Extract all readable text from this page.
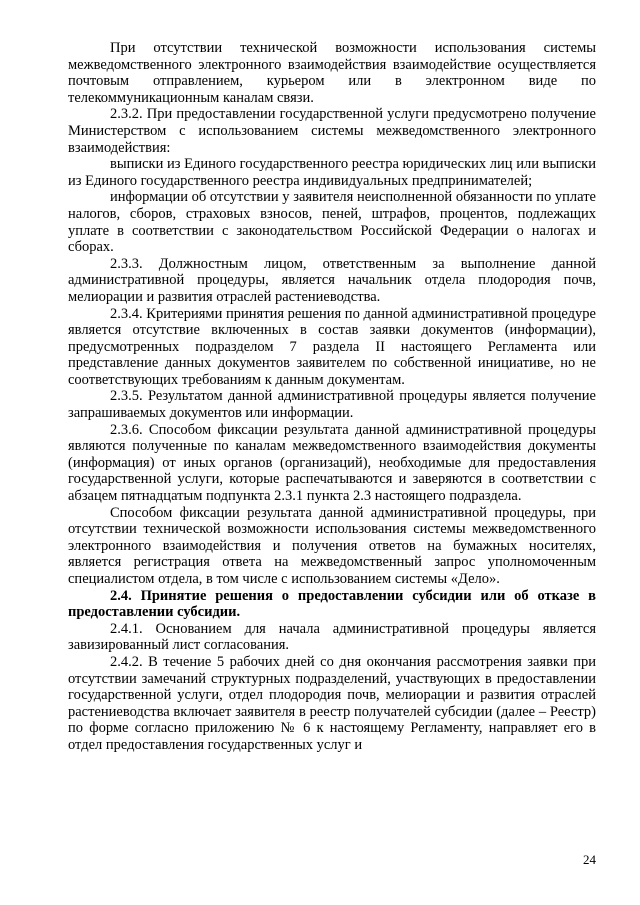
При отсутствии технической возможности использования системы межведомственного электронного взаимодействия взаимодействие осуществляется почтовым отправлением, курьером или в электронном виде по телекоммуникационным каналам связи.

2.3.2. При предоставлении государственной услуги предусмотрено получение Министерством с использованием системы межведомственного электронного взаимодействия:

выписки из Единого государственного реестра юридических лиц или выписки из Единого государственного реестра индивидуальных предпринимателей;

информации об отсутствии у заявителя неисполненной обязанности по уплате налогов, сборов, страховых взносов, пеней, штрафов, процентов, подлежащих уплате в соответствии с законодательством Российской Федерации о налогах и сборах.

2.3.3. Должностным лицом, ответственным за выполнение данной административной процедуры, является начальник отдела плодородия почв, мелиорации и развития отраслей растениеводства.

2.3.4. Критериями принятия решения по данной административной процедуре является отсутствие включенных в состав заявки документов (информации), предусмотренных подразделом 7 раздела II настоящего Регламента или представление данных документов заявителем по собственной инициативе, но не соответствующих требованиям к данным документам.

2.3.5. Результатом данной административной процедуры является получение запрашиваемых документов или информации.

2.3.6. Способом фиксации результата данной административной процедуры являются полученные по каналам межведомственного взаимодействия документы (информация) от иных органов (организаций), необходимые для предоставления государственной услуги, которые распечатываются и заверяются в соответствии с абзацем пятнадцатым подпункта 2.3.1 пункта 2.3 настоящего подраздела.

Способом фиксации результата данной административной процедуры, при отсутствии технической возможности использования системы межведомственного электронного взаимодействия и получения ответов на бумажных носителях, является регистрация ответа на межведомственный запрос уполномоченным специалистом отдела, в том числе с использованием системы «Дело».

2.4. Принятие решения о предоставлении субсидии или об отказе в предоставлении субсидии.

2.4.1. Основанием для начала административной процедуры является завизированный лист согласования.

2.4.2. В течение 5 рабочих дней со дня окончания рассмотрения заявки при отсутствии замечаний структурных подразделений, участвующих в предоставлении государственной услуги, отдел плодородия почв, мелиорации и развития отраслей растениеводства включает заявителя в реестр получателей субсидии (далее – Реестр) по форме согласно приложению № 6 к настоящему Регламенту, направляет его в отдел предоставления государственных услуг и

24
